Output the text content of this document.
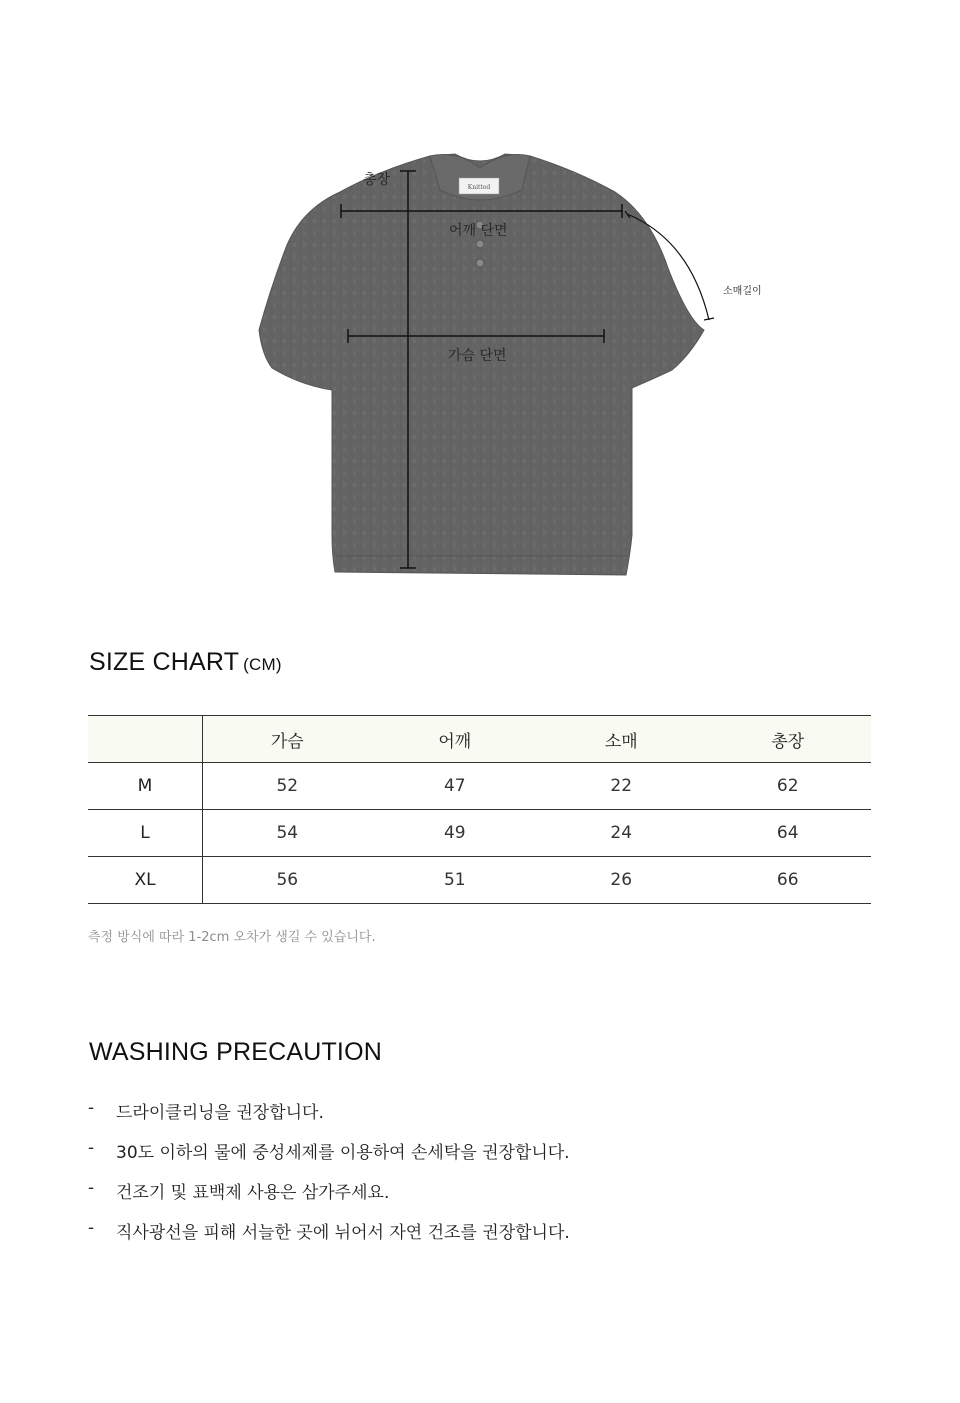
Knitted
총장
어깨 단면
소매길이
가슴 단면
SIZE CHART (CM)
	가슴	어깨	소매	총장
M	52	47	22	62
L	54	49	24	64
XL	56	51	26	66
측정 방식에 따라 1-2cm 오차가 생길 수 있습니다.
WASHING PRECAUTION
-	드라이클리닝을 권장합니다.
-	30도 이하의 물에 중성세제를 이용하여 손세탁을 권장합니다.
-	건조기 및 표백제 사용은 삼가주세요.
-	직사광선을 피해 서늘한 곳에 뉘어서 자연 건조를 권장합니다.
